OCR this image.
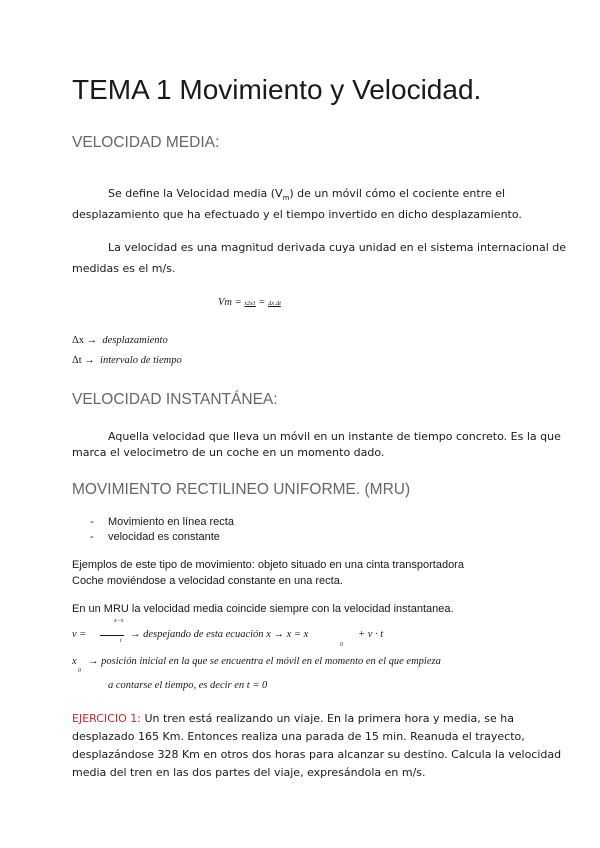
TEMA 1 Movimiento y Velocidad.
VELOCIDAD MEDIA:
Se define la Velocidad media $(V_m)$ de un móvil cómo el cociente entre el
desplazamiento que ha efectuado y el tiempo invertido en dicho desplazamiento.
La velocidad es una magnitud derivada cuya unidad en el sistema internacional de
medidas es el m/s.
Vm = x2x1 = Δx Δt
Δx → desplazamiento
Δt → intervalo de tiempo
VELOCIDAD INSTANTÁNEA:
Aquella velocidad que lleva un móvil en un instante de tiempo concreto. Es la que
marca el velocimetro de un coche en un momento dado.
MOVIMIENTO RECTILINEO UNIFORME. (MRU)
- Movimiento en línea recta
- velocidad es constante
Ejemplos de este tipo de movimiento: objeto situado en una cinta transportadora
Coche moviéndose a velocidad constante en una recta.
En un MRU la velocidad media coincide siempre con la velocidad instantanea.
v =
x−x
t
→ despejando de esta ecuación x → x = x
0
+ v · t
x
0
→ posición inicial en la que se encuentra el móvil en el momento en el que empieza
a contarse el tiempo, es decir en t = 0
EJERCICIO 1: Un tren está realizando un viaje. En la primera hora y media, se ha
desplazado 165 Km. Entonces realiza una parada de 15 min. Reanuda el trayecto,
desplazándose 328 Km en otros dos horas para alcanzar su destino. Calcula la velocidad
media del tren en las dos partes del viaje, expresándola en m/s.
